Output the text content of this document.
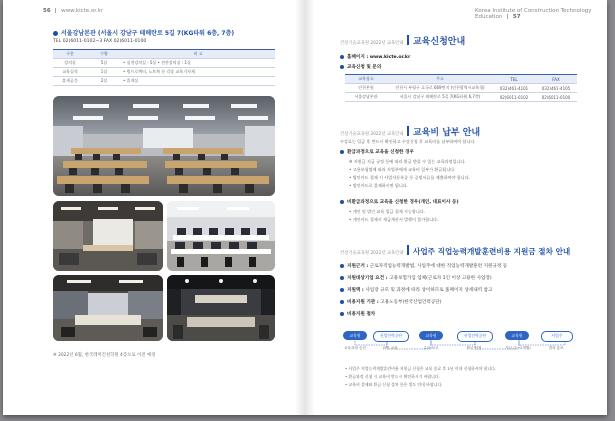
56 www.kicte.or.kr
서울강남본관 (서울시 강남구 테헤란로 5길 7(KG타워 6층, 7층)
TEL 02)6011-0102~3 FAX 02)6011-0100
구분	수량	비 고
강의실	5실	• 실전강의실 : 5실 • 전산강의실 : 1실
교육실적	1실	• 빔프로젝터, 노트북 등 각종 교육기자재
휴게공간	2실	• 휴게실
※ 2022년 6월, 한국레미건설학원 4층으로 이전 예정
Korea Institute of Construction Technology Education 57
건설기술교육원 2022년 교육안내 교육신청안내
홈페이지 : www.kicte.or.kr
교육신청 및 문의
교육장소	주소	TEL	FAX
인천본원	인천시 부평구 호국로 669번지 (인천광역시교육청)	032)461-4101	032)461-4105
서울강남본관	서울시 강남구 테헤란로 5길 7(KG타워 6,7층)	02)6011-0102	02)6011-0100
건설기술교육원 2022년 교육안내 교육비 납부 안내
수강료는 입금 후 반드시 확인하고 수강신청 후 교육비를 납부하여야 합니다.
환급과정으로 교육을 신청한 경우
※ 지원금 지급 규정 등에 따라 환급 받을 수 있는 교육과정입니다.
• 고용보험법에 따라 사업주에게 교육비 일부가 환급됩니다.
• 법인카드 결제 시 사업자등록증 등 증빙서류를 제출하여야 합니다.
• 법인카드로 결제하시면 됩니다.
비환급과정으로 교육을 신청한 경우(개인, 대표이사 등)
• 개인 및 법인 교육 입금 결제 가능합니다.
• 개인카드 결제시 세금계산서 발행이 불가합니다.
건설기술교육원 2022년 교육안내 사업주 직업능력개발훈련비용 지원금 절차 안내
지원근거 : 근로자직업능력개발법, 사업주에 대한 직업능력개발훈련 지원규정 등
지원대상기업 요건 : 고용보험가입 업체(근로자 1인 이상 고용한 사업장)
지원액 : 사업장 규모 및 과정에 따라 상이하므로 홈페이지 상세내역 참고
비용지원 기관 : 고용노동부(한국산업인력공단)
비용지원 절차
교육원	산업인력공단	교육원	산업인력공단	교육원	사업주
교육과정 승인	위탁 교육	수료 보고	환급 신청	지급 (1~2개월)	결과 통보
• 사업주 직업능력개발훈련비용 지원금 신청은 교육 종료 후 1년 이내 신청하셔야 합니다.
• 환급과정 신청 시 교육비 반드시 확인하시기 바랍니다.
• 교육비 결제와 환급 신청 절차 등은 별도 안내 바랍니다.
